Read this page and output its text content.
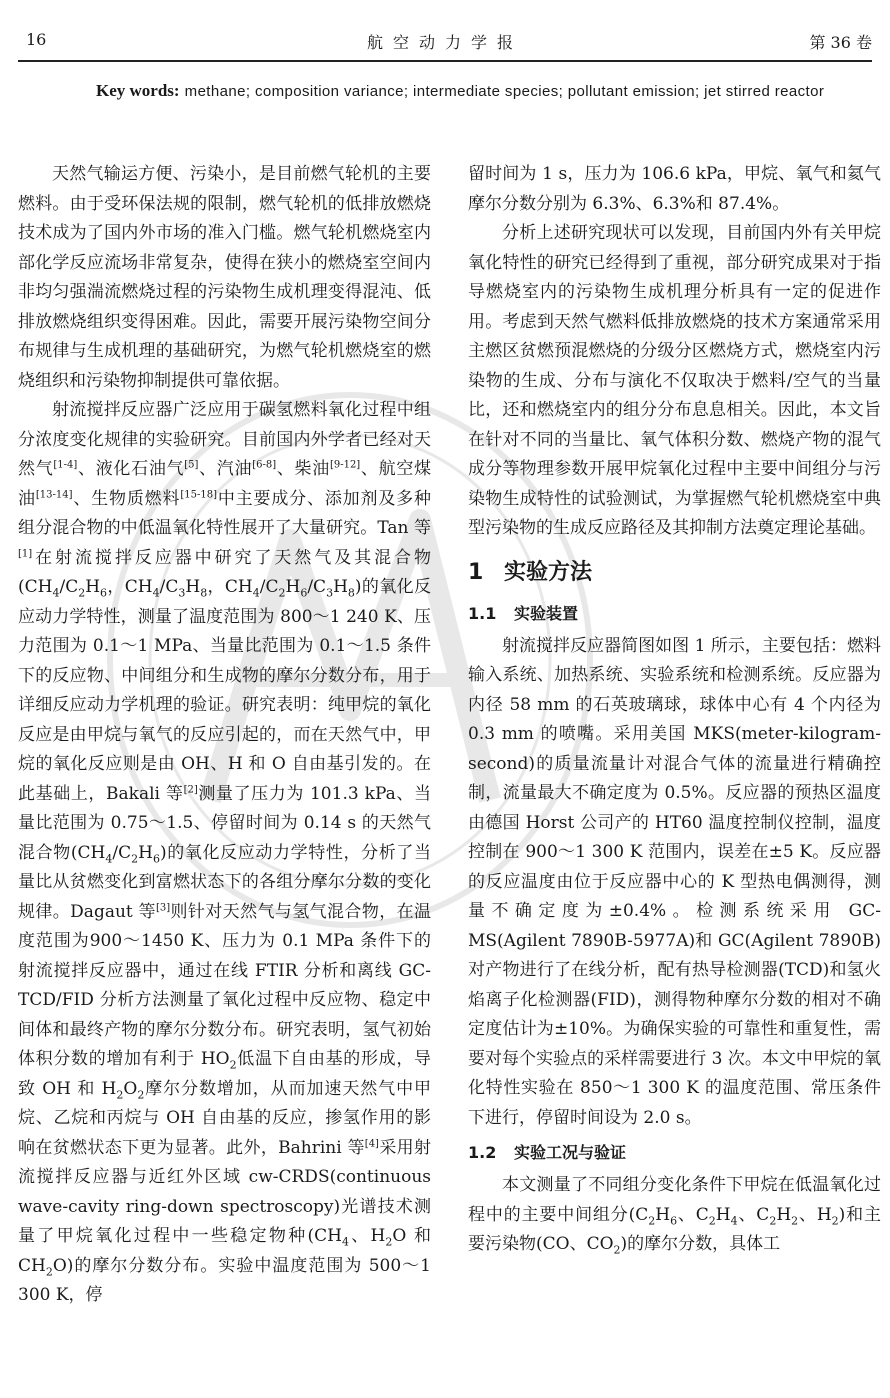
16	航空动力学报	第 36 卷
Key words: methane; composition variance; intermediate species; pollutant emission; jet stirred reactor

天然气输运方便、污染小，是目前燃气轮机的主要燃料。由于受环保法规的限制，燃气轮机的低排放燃烧技术成为了国内外市场的准入门槛。燃气轮机燃烧室内部化学反应流场非常复杂，使得在狭小的燃烧室空间内非均匀强湍流燃烧过程的污染物生成机理变得混沌、低排放燃烧组织变得困难。因此，需要开展污染物空间分布规律与生成机理的基础研究，为燃气轮机燃烧室的燃烧组织和污染物抑制提供可靠依据。

射流搅拌反应器广泛应用于碳氢燃料氧化过程中组分浓度变化规律的实验研究。目前国内外学者已经对天然气[1-4]、液化石油气[5]、汽油[6-8]、柴油[9-12]、航空煤油[13-14]、生物质燃料[15-18]中主要成分、添加剂及多种组分混合物的中低温氧化特性展开了大量研究。Tan 等[1]在射流搅拌反应器中研究了天然气及其混合物($CH_4/C_2H_6$，$CH_4/C_3H_8$，$CH_4/C_2H_6/C_3H_8$)的氧化反应动力学特性，测量了温度范围为 800～1 240 K、压力范围为 0.1～1 MPa、当量比范围为 0.1～1.5 条件下的反应物、中间组分和生成物的摩尔分数分布，用于详细反应动力学机理的验证。研究表明：纯甲烷的氧化反应是由甲烷与氧气的反应引起的，而在天然气中，甲烷的氧化反应则是由 OH、H 和 O 自由基引发的。在此基础上，Bakali 等[2]测量了压力为 101.3 kPa、当量比范围为 0.75～1.5、停留时间为 0.14 s 的天然气混合物$(CH_4/C_2H_6)$的氧化反应动力学特性，分析了当量比从贫燃变化到富燃状态下的各组分摩尔分数的变化规律。Dagaut 等[3]则针对天然气与氢气混合物，在温度范围为900～1450 K、压力为 0.1 MPa 条件下的射流搅拌反应器中，通过在线 FTIR 分析和离线 GC-TCD/FID 分析方法测量了氧化过程中反应物、稳定中间体和最终产物的摩尔分数分布。研究表明，氢气初始体积分数的增加有利于 $HO_2$低温下自由基的形成，导致 OH 和 $H_2O_2$摩尔分数增加，从而加速天然气中甲烷、乙烷和丙烷与 OH 自由基的反应，掺氢作用的影响在贫燃状态下更为显著。此外，Bahrini 等[4]采用射流搅拌反应器与近红外区域 cw-CRDS(continuous wave-cavity ring-down spectroscopy)光谱技术测量了甲烷氧化过程中一些稳定物种($CH_4$、$H_2O$ 和 $CH_2O$)的摩尔分数分布。实验中温度范围为 500～1 300 K，停

留时间为 1 s，压力为 106.6 kPa，甲烷、氧气和氦气摩尔分数分别为 6.3%、6.3%和 87.4%。

分析上述研究现状可以发现，目前国内外有关甲烷氧化特性的研究已经得到了重视，部分研究成果对于指导燃烧室内的污染物生成机理分析具有一定的促进作用。考虑到天然气燃料低排放燃烧的技术方案通常采用主燃区贫燃预混燃烧的分级分区燃烧方式，燃烧室内污染物的生成、分布与演化不仅取决于燃料/空气的当量比，还和燃烧室内的组分分布息息相关。因此，本文旨在针对不同的当量比、氧气体积分数、燃烧产物的混气成分等物理参数开展甲烷氧化过程中主要中间组分与污染物生成特性的试验测试，为掌握燃气轮机燃烧室中典型污染物的生成反应路径及其抑制方法奠定理论基础。

1 实验方法
1.1 实验装置

射流搅拌反应器简图如图 1 所示，主要包括：燃料输入系统、加热系统、实验系统和检测系统。反应器为内径 58 mm 的石英玻璃球，球体中心有 4 个内径为 0.3 mm 的喷嘴。采用美国 MKS(meter-kilogram-second)的质量流量计对混合气体的流量进行精确控制，流量最大不确定度为 0.5%。反应器的预热区温度由德国 Horst 公司产的 HT60 温度控制仪控制，温度控制在 900～1 300 K 范围内，误差在±5 K。反应器的反应温度由位于反应器中心的 K 型热电偶测得，测量不确定度为±0.4%。检测系统采用 GC-MS(Agilent 7890B-5977A)和 GC(Agilent 7890B)对产物进行了在线分析，配有热导检测器(TCD)和氢火焰离子化检测器(FID)，测得物种摩尔分数的相对不确定度估计为±10%。为确保实验的可靠性和重复性，需要对每个实验点的采样需要进行 3 次。本文中甲烷的氧化特性实验在 850～1 300 K 的温度范围、常压条件下进行，停留时间设为 2.0 s。

1.2 实验工况与验证

本文测量了不同组分变化条件下甲烷在低温氧化过程中的主要中间组分($C_2H_6$、$C_2H_4$、$C_2H_2$、$H_2$)和主要污染物(CO、$CO_2$)的摩尔分数，具体工
